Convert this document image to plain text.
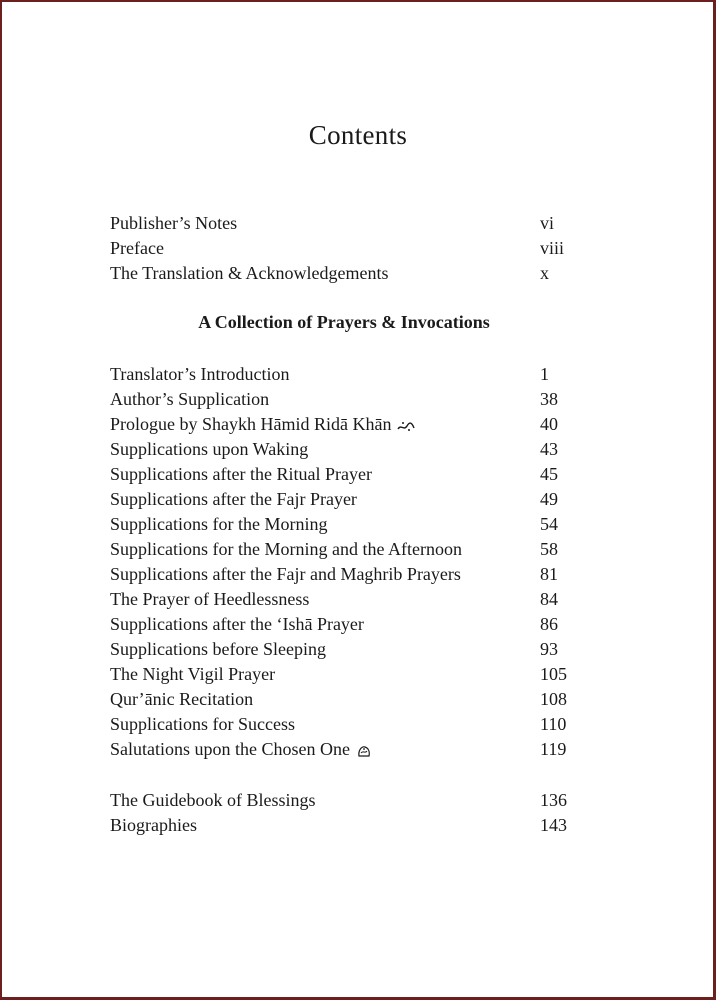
Contents
Publisher’s Notes	vi
Preface	viii
The Translation & Acknowledgements	x
A Collection of Prayers & Invocations
Translator’s Introduction	1
Author’s Supplication	38
Prologue by Shaykh Hāmid Ridā Khān	40
Supplications upon Waking	43
Supplications after the Ritual Prayer	45
Supplications after the Fajr Prayer	49
Supplications for the Morning	54
Supplications for the Morning and the Afternoon	58
Supplications after the Fajr and Maghrib Prayers	81
The Prayer of Heedlessness	84
Supplications after the ‘Ishā Prayer	86
Supplications before Sleeping	93
The Night Vigil Prayer	105
Qur’ānic Recitation	108
Supplications for Success	110
Salutations upon the Chosen One	119
The Guidebook of Blessings	136
Biographies	143
